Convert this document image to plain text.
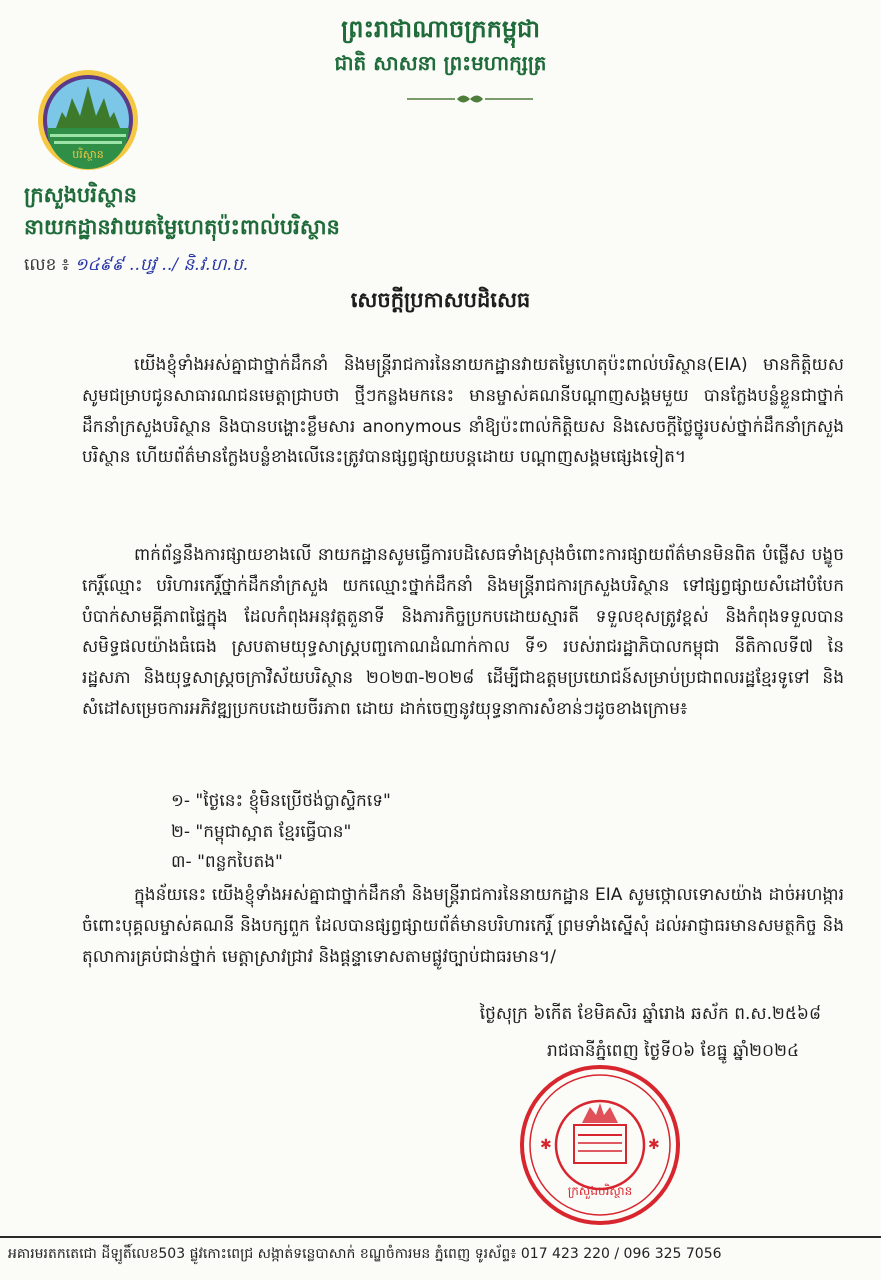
ព្រះរាជាណាចក្រកម្ពុជា
ជាតិ សាសនា ព្រះមហាក្សត្រ
បរិស្ថាន
ក្រសួងបរិស្ថាន
នាយកដ្ឋានវាយតម្លៃហេតុប៉ះពាល់បរិស្ថាន
លេខ ៖ ១៤៩៩ ..បវ្វ ../ និ.វ.ហ.ប.
សេចក្តីប្រកាសបដិសេធ

យើងខ្ញុំទាំងអស់គ្នាជាថ្នាក់ដឹកនាំ និងមន្ត្រីរាជការនៃនាយកដ្ឋានវាយតម្លៃហេតុប៉ះពាល់បរិស្ថាន(EIA) មានកិត្តិយសសូមជម្រាបជូនសាធារណជនមេត្តាជ្រាបថា ថ្មីៗកន្លងមកនេះ មានម្ចាស់គណនីបណ្តាញសង្គមមួយ បានក្លែងបន្លំខ្លួនជាថ្នាក់ដឹកនាំក្រសួងបរិស្ថាន និងបានបង្ហោះខ្លឹមសារ anonymous នាំឱ្យប៉ះពាល់កិត្តិយស និងសេចក្តីថ្លៃថ្នូរបស់ថ្នាក់ដឹកនាំក្រសួងបរិស្ថាន ហើយព័ត៌មានក្លែងបន្លំខាងលើនេះត្រូវបានផ្សព្វផ្សាយបន្តដោយ បណ្តាញសង្គមផ្សេងទៀត។

ពាក់ព័ន្ធនឹងការផ្សាយខាងលើ នាយកដ្ឋានសូមធ្វើការបដិសេធទាំងស្រុងចំពោះការផ្សាយព័ត៌មានមិនពិត បំផ្លើស បង្ខូចកេរ្តិ៍ឈ្មោះ បរិហារកេរ្តិ៍ថ្នាក់ដឹកនាំក្រសួង យកឈ្មោះថ្នាក់ដឹកនាំ និងមន្ត្រីរាជការក្រសួងបរិស្ថាន ទៅផ្សព្វផ្សាយសំដៅបំបែកបំបាក់សាមគ្គីភាពផ្ទៃក្នុង ដែលកំពុងអនុវត្តតួនាទី និងភារកិច្ចប្រកបដោយស្មារតី ទទួលខុសត្រូវខ្ពស់ និងកំពុងទទួលបានសមិទ្ធផលយ៉ាងធំធេង ស្របតាមយុទ្ធសាស្ត្របញ្ចកោណដំណាក់កាល ទី១ របស់រាជរដ្ឋាភិបាលកម្ពុជា នីតិកាលទី៧ នៃរដ្ឋសភា និងយុទ្ធសាស្ត្រចក្រាវិស័យបរិស្ថាន ២០២៣-២០២៨ ដើម្បីជាឧត្តមប្រយោជន៍សម្រាប់ប្រជាពលរដ្ឋខ្មែរទូទៅ និងសំដៅសម្រេចការអភិវឌ្ឍប្រកបដោយចីរភាព ដោយ ដាក់ចេញនូវយុទ្ធនាការសំខាន់ៗដូចខាងក្រោម៖

១- "ថ្ងៃនេះ ខ្ញុំមិនប្រើថង់ប្លាស្ទិកទេ"
២- "កម្ពុជាស្អាត ខ្មែរធ្វើបាន"
៣- "ពន្លកបៃតង"

ក្នុងន័យនេះ យើងខ្ញុំទាំងអស់គ្នាជាថ្នាក់ដឹកនាំ និងមន្ត្រីរាជការនៃនាយកដ្ឋាន EIA សូមថ្កោលទោសយ៉ាង ដាច់អហង្ការចំពោះបុគ្គលម្ចាស់គណនី និងបក្សពួក ដែលបានផ្សព្វផ្សាយព័ត៌មានបរិហារកេរ្តិ៍ ព្រមទាំងស្នើសុំ ដល់អាជ្ញាធរមានសមត្ថកិច្ច និងតុលាការគ្រប់ជាន់ថ្នាក់ មេត្តាស្រាវជ្រាវ និងផ្តន្ទាទោសតាមផ្លូវច្បាប់ជាធរមាន។/

ថ្ងៃសុក្រ ៦កើត ខែមិគសិរ ឆ្នាំរោង ឆស័ក ព.ស.២៥៦៨
រាជធានីភ្នំពេញ ថ្ងៃទី០៦ ខែធ្នូ ឆ្នាំ២០២៤
ក្រសួងបរិស្ថាន
✱	✱
អគារមរតកតេជោ ដីឡូតិ៍លេខ503 ផ្លូវកោះពេជ្រ សង្កាត់ទន្លេបាសាក់ ខណ្ឌចំការមន ភ្នំពេញ ទូរស័ព្ទ៖ 017 423 220 / 096 325 7056
